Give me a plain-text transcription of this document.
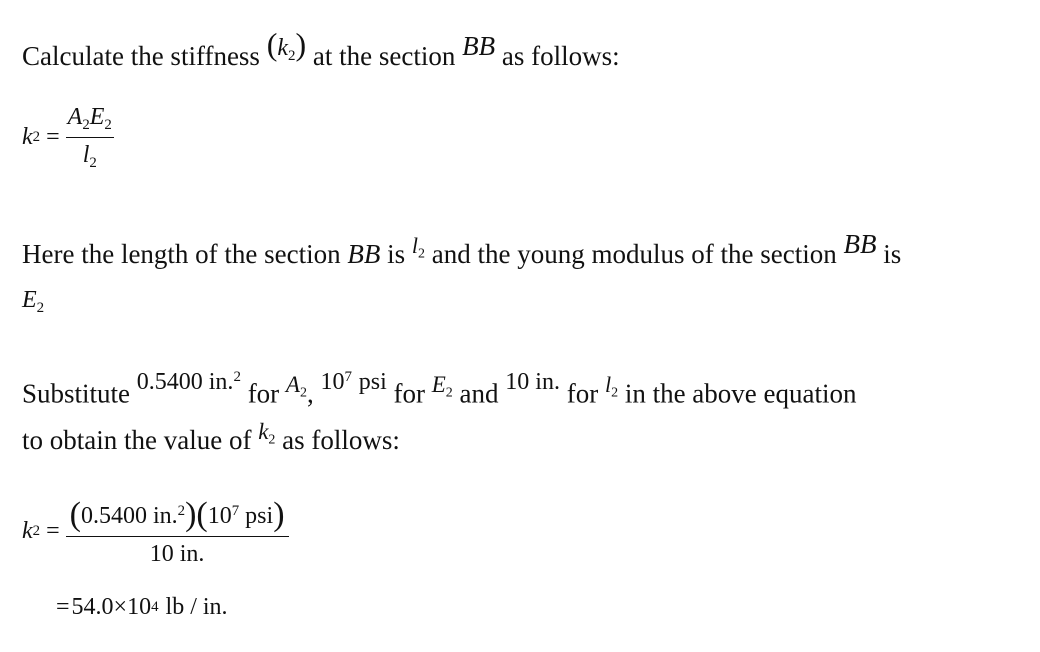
Calculate the stiffness $(k_2)$ at the section BB as follows:
k $2 = \frac{A_2E_2}{l_2}$
Here the length of the section BB is $l_2$ and the young modulus of the section BB is
$E_2$
Substitute 0.5400 in.$^2$ for $A_2$, $10^7$ psi for $E_2$ and 10 in. for $l_2$ in the above equation
to obtain the value of $k_2$ as follows:
k $2 = \frac{(0.5400 in.^2)(10^7 psi)}{10 in.}$
= 54.0×10 4 lb / in.
